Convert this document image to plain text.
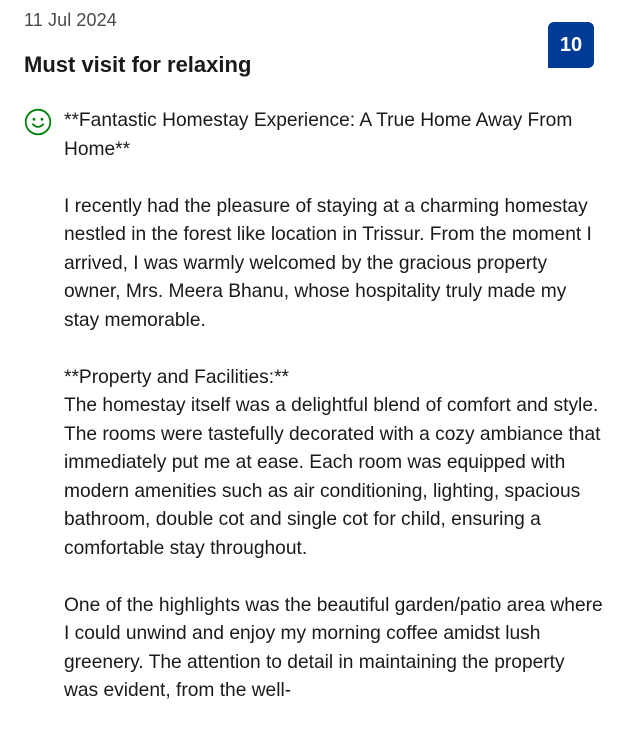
11 Jul 2024
Must visit for relaxing
10

**Fantastic Homestay Experience: A True Home Away From Home**

I recently had the pleasure of staying at a charming homestay nestled in the forest like location in Trissur. From the moment I arrived, I was warmly welcomed by the gracious property owner, Mrs. Meera Bhanu, whose hospitality truly made my stay memorable.

**Property and Facilities:**
The homestay itself was a delightful blend of comfort and style. The rooms were tastefully decorated with a cozy ambiance that immediately put me at ease. Each room was equipped with modern amenities such as air conditioning, lighting, spacious bathroom, double cot and single cot for child, ensuring a comfortable stay throughout.

One of the highlights was the beautiful garden/patio area where I could unwind and enjoy my morning coffee amidst lush greenery. The attention to detail in maintaining the property was evident, from the well-
